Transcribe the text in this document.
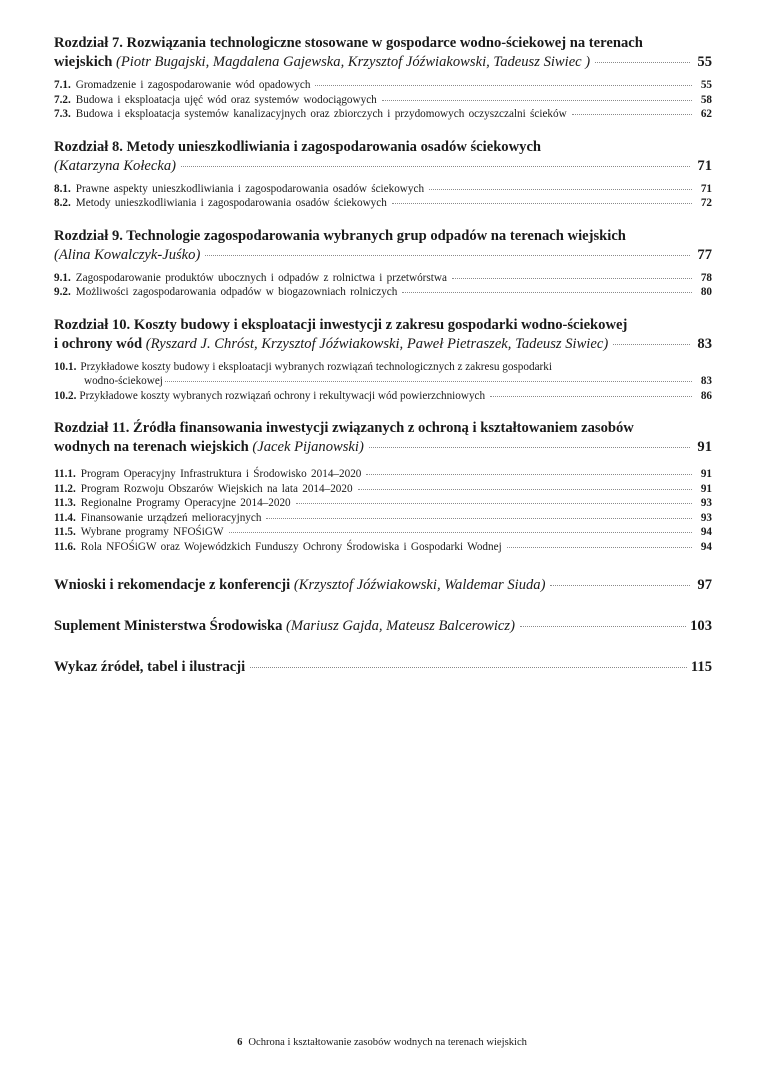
Rozdział 7. Rozwiązania technologiczne stosowane w gospodarce wodno-ściekowej na terenach
wiejskich (Piotr Bugajski, Magdalena Gajewska, Krzysztof Jóźwiakowski, Tadeusz Siwiec )	55
7.1. Gromadzenie i zagospodarowanie wód opadowych	55
7.2. Budowa i eksploatacja ujęć wód oraz systemów wodociągowych	58
7.3. Budowa i eksploatacja systemów kanalizacyjnych oraz zbiorczych i przydomowych oczyszczalni ścieków	62
Rozdział 8. Metody unieszkodliwiania i zagospodarowania osadów ściekowych
(Katarzyna Kołecka)	71
8.1. Prawne aspekty unieszkodliwiania i zagospodarowania osadów ściekowych	71
8.2. Metody unieszkodliwiania i zagospodarowania osadów ściekowych	72
Rozdział 9. Technologie zagospodarowania wybranych grup odpadów na terenach wiejskich
(Alina Kowalczyk-Juśko)	77
9.1. Zagospodarowanie produktów ubocznych i odpadów z rolnictwa i przetwórstwa	78
9.2. Możliwości zagospodarowania odpadów w biogazowniach rolniczych	80
Rozdział 10. Koszty budowy i eksploatacji inwestycji z zakresu gospodarki wodno-ściekowej
i ochrony wód (Ryszard J. Chróst, Krzysztof Jóźwiakowski, Paweł Pietraszek, Tadeusz Siwiec)	83
10.1. Przykładowe koszty budowy i eksploatacji wybranych rozwiązań technologicznych z zakresu gospodarki
wodno-ściekowej	83
10.2. Przykładowe koszty wybranych rozwiązań ochrony i rekultywacji wód powierzchniowych	86
Rozdział 11. Źródła finansowania inwestycji związanych z ochroną i kształtowaniem zasobów
wodnych na terenach wiejskich (Jacek Pijanowski)	91
11.1. Program Operacyjny Infrastruktura i Środowisko 2014–2020	91
11.2. Program Rozwoju Obszarów Wiejskich na lata 2014–2020	91
11.3. Regionalne Programy Operacyjne 2014–2020	93
11.4. Finansowanie urządzeń melioracyjnych	93
11.5. Wybrane programy NFOŚiGW	94
11.6. Rola NFOŚiGW oraz Wojewódzkich Funduszy Ochrony Środowiska i Gospodarki Wodnej	94
Wnioski i rekomendacje z konferencji (Krzysztof Jóźwiakowski, Waldemar Siuda)	97
Suplement Ministerstwa Środowiska (Mariusz Gajda, Mateusz Balcerowicz)	103
Wykaz źródeł, tabel i ilustracji	115
6 Ochrona i kształtowanie zasobów wodnych na terenach wiejskich
